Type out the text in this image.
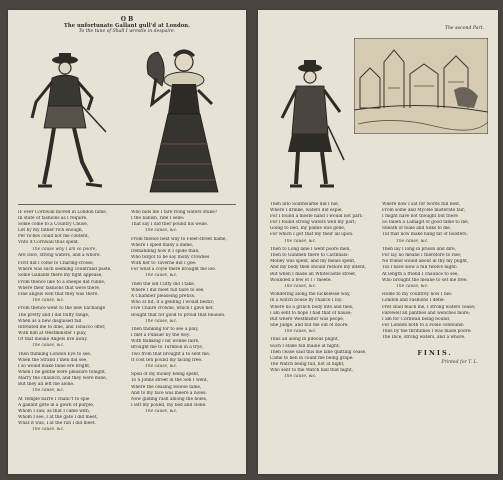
O B
The unfortunate Gallant gull'd at London.
To the tune of Shall I wrestle in despaire.
IF ever Cornwall moved in London fame,
In state of fashions as I require,
Some come to a Country Chuse,
Let by my father rich enough,
Per riches could not me content,
Vnto it Cornwall thus spent.
The cause why I am so poore,
Are Dice, strong waters, and a whore.
First did I come to Charing-crosse,
Where was such seeming countrand paste,
Some Gallants there my fight appease,
From thence like to a sheepe did runne,
Where their fashions that were there,
Fine angels well that they was there.
The cause, &c.
From thence went to the new Exchange
The pretty and I did fluffy range,
When as a new disguised fall
Intreated me to dine, and Tobacco offer,
With him at Westminster I play,
Of that meane Angels live away.
The cause, &c.
Then thinking London Eye to see,
When the Strand I then did see,
I so would make faine ere bright,
When I be gentle were pleasure tonight,
Marry the chauncd, and they were mine,
But they all left me alone.
The cause, &c.
At Temple barre I chanc't to spie
A gallant girle in a gown of purple,
Whom I saw, as that I came with,
Whom I see, I at the gate I did meet,
What it was, I at the ran I did meet.
The cause, &c.
Who bids me I fare frong waters stuke?
I the babish, ride I selle:
That say I did ther pound his welle.
The cause, &c.
From thence next way to Fleet-street hame,
Where I spied many a dame,
Demanding how it I spide than,
Who forgot to be say mony crownes
With her to Taverne did I goe:
For what a coyle there brought me loe.
The cause, &c.
Then the old Cutty did I take,
Where I did meet full faire to see,
A Chamber pleaseing pretiss,
Who at hit, if a gelding I would bestir;
Five Chaire crowne, which I gave her,
Bought that for good to proud that heauen.
The cause, &c.
Then thinking for to see a play,
I met a Punsier by the wey:
With thinking I hit wonne faire,
Brought me to Turnboll in a trye,
Two from that brought a to sent me,
It cost ten pound my facing free.
The cause, &c.
Spoll of my money being spent,
To S Johns street in the Sell I went,
Where the ceasing Howse fame,
And to my face was meere a holes:
Now gilding rash among the holes,
I left my pound, my bed and cloke.
The cause, &c.
The second Part.
Then into Southwarke did I hie,
Where I drinke, waters did espie,
For I found a moste hand I would not part:
For I found strong waters well my part;
Going to bed, my panne was gone,
For which I got that my their all upon.
The cause, &c.
Then to Long lane I went poore men,
Then to Gunmen there to Cardinals:
Money was spent, and my meals spent,
And my body then should restore my intent,
But when I made an Whitecastle street,
Wounded a few of 17 meete.
The cause, &c.
Wondering along the luckelesse way,
In a watch bouse by chance I lay:
Where no a grinch body into and flies,
I am sent to hope I had that of nause;
But where Westmister was peope,
She Judge, and but me out of doore.
The cause, &c.
Thus all along in piteous plight,
Such I stake full maine at night;
Then cease said this me lane quitting cease,
Came to hell in count me being grape:
The Watch being full, not at night,
Who sent to the Watch hall that night,
The cause, &c.
Where now I sat for words full best,
From some and Mycele misterate fair,
I might have not thought but there
So fallen a Lamagit of good fame to me,
Sheath of foale and Silks to me,
Till that now make hang fat of bolsters.
The cause, &c.
Then lay I long in prison and dire,
For lay no meane I therefore to rise;
No friend would about in thy my plight,
Till I have slow a full twelve night:
At length a friend I chaunce to see,
Who brought the meane to set me free.
The cause, &c.
Home to my countrey now I hie:
London and Fashions I defie:
Fret shall teach me, I strong waters cease;
Farewell all panthes and wenches more;
I am for Cornwall being bound,
For London both to a Foole confound:
Thus by the thrifulnes I was made poore:
The Dice, strong waters, and a whore.
FINIS.
Printed for T. L.
